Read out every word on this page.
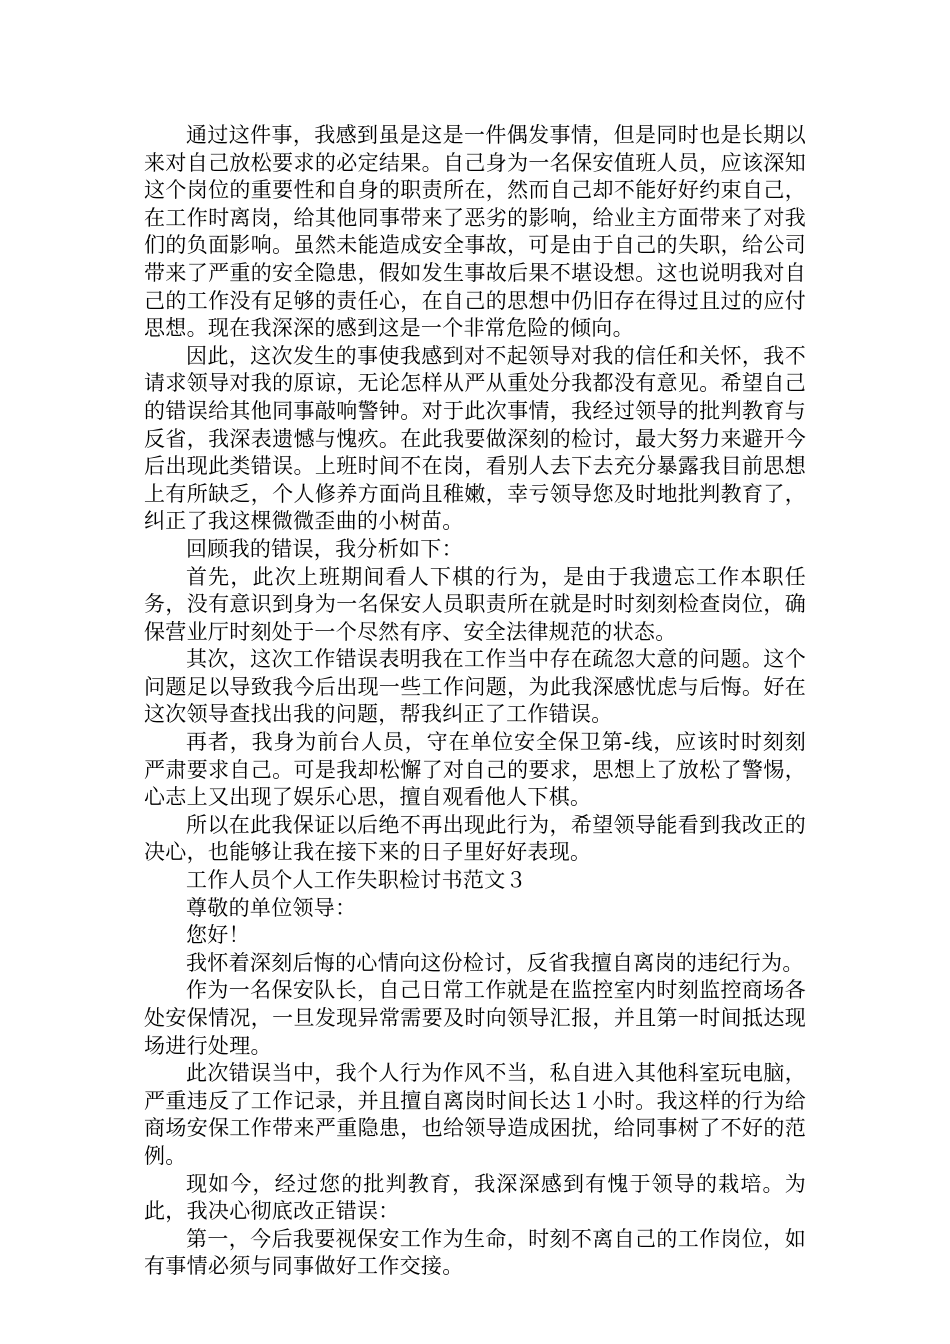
通过这件事，我感到虽是这是一件偶发事情，但是同时也是长期以来对自己放松要求的必定结果。自己身为一名保安值班人员，应该深知这个岗位的重要性和自身的职责所在，然而自己却不能好好约束自己，在工作时离岗，给其他同事带来了恶劣的影响，给业主方面带来了对我们的负面影响。虽然未能造成安全事故，可是由于自己的失职，给公司带来了严重的安全隐患，假如发生事故后果不堪设想。这也说明我对自己的工作没有足够的责任心，在自己的思想中仍旧存在得过且过的应付思想。现在我深深的感到这是一个非常危险的倾向。

因此，这次发生的事使我感到对不起领导对我的信任和关怀，我不请求领导对我的原谅，无论怎样从严从重处分我都没有意见。希望自己的错误给其他同事敲响警钟。对于此次事情，我经过领导的批判教育与反省，我深表遗憾与愧疚。在此我要做深刻的检讨，最大努力来避开今后出现此类错误。上班时间不在岗，看别人去下去充分暴露我目前思想上有所缺乏，个人修养方面尚且稚嫩，幸亏领导您及时地批判教育了，纠正了我这棵微微歪曲的小树苗。

回顾我的错误，我分析如下：

首先，此次上班期间看人下棋的行为，是由于我遗忘工作本职任务，没有意识到身为一名保安人员职责所在就是时时刻刻检查岗位，确保营业厅时刻处于一个尽然有序、安全法律规范的状态。

其次，这次工作错误表明我在工作当中存在疏忽大意的问题。这个问题足以导致我今后出现一些工作问题，为此我深感忧虑与后悔。好在这次领导查找出我的问题，帮我纠正了工作错误。

再者，我身为前台人员，守在单位安全保卫第-线，应该时时刻刻严肃要求自己。可是我却松懈了对自己的要求，思想上了放松了警惕，心志上又出现了娱乐心思，擅自观看他人下棋。

所以在此我保证以后绝不再出现此行为，希望领导能看到我改正的决心，也能够让我在接下来的日子里好好表现。

工作人员个人工作失职检讨书范文３

尊敬的单位领导：

您好！

我怀着深刻后悔的心情向这份检讨，反省我擅自离岗的违纪行为。

作为一名保安队长，自己日常工作就是在监控室内时刻监控商场各处安保情况，一旦发现异常需要及时向领导汇报，并且第一时间抵达现场进行处理。

此次错误当中，我个人行为作风不当，私自进入其他科室玩电脑，严重违反了工作记录，并且擅自离岗时间长达１小时。我这样的行为给商场安保工作带来严重隐患，也给领导造成困扰，给同事树了不好的范例。

现如今，经过您的批判教育，我深深感到有愧于领导的栽培。为此，我决心彻底改正错误：

第一，今后我要视保安工作为生命，时刻不离自己的工作岗位，如有事情必须与同事做好工作交接。
